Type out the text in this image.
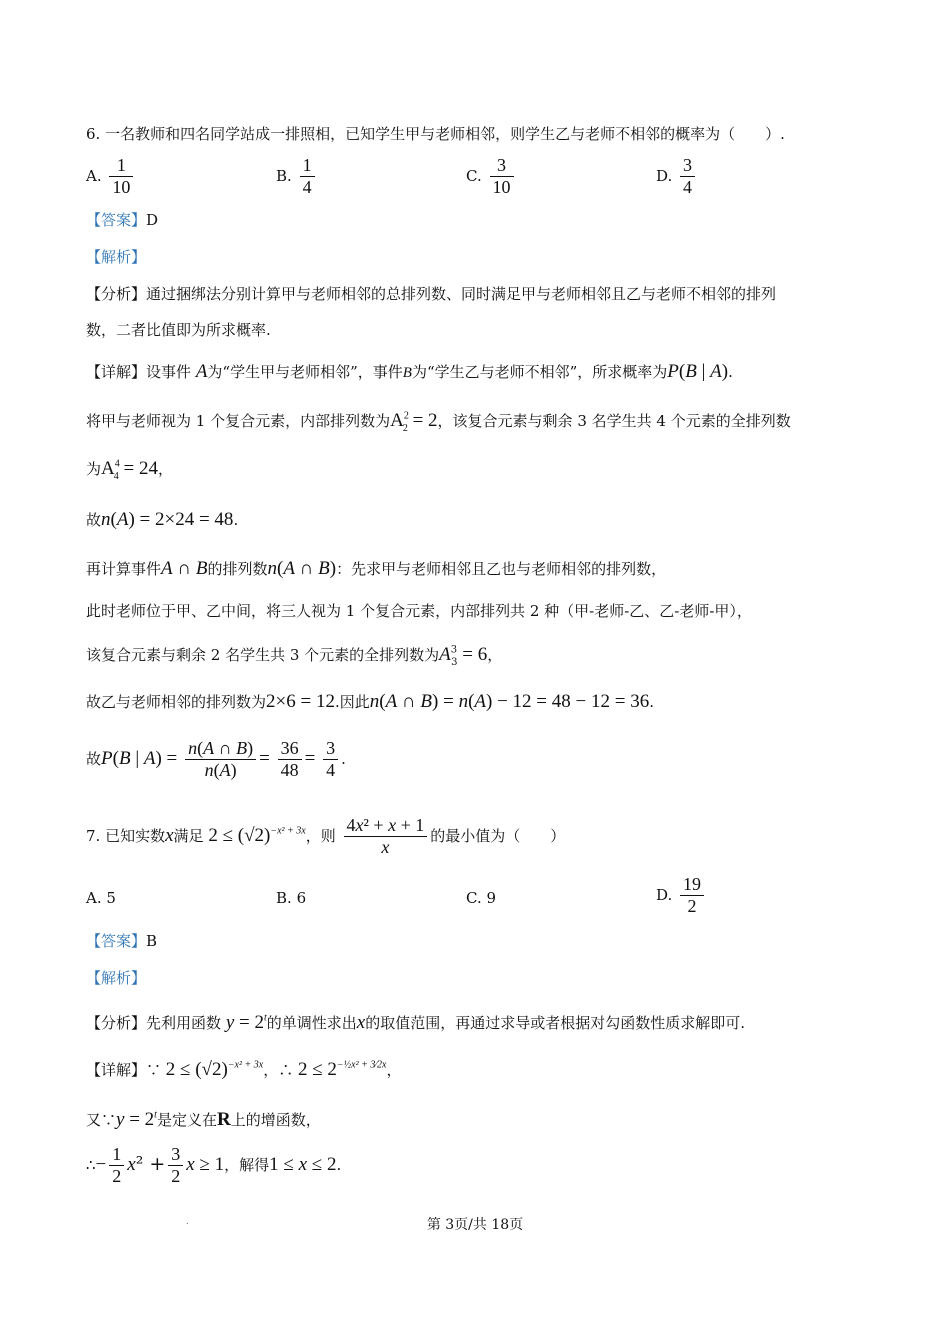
6. 一名教师和四名同学站成一排照相，已知学生甲与老师相邻，则学生乙与老师不相邻的概率为（　　）.
A. $\frac{1}{10}$	B. $\frac{1}{4}$	C. $\frac{3}{10}$	D. $\frac{3}{4}$
【答案】D
【解析】
【分析】通过捆绑法分别计算甲与老师相邻的总排列数、同时满足甲与老师相邻且乙与老师不相邻的排列
数，二者比值即为所求概率.
【详解】设事件 A为“学生甲与老师相邻”，事件B为“学生乙与老师不相邻”，所求概率为P(B | A).
将甲与老师视为 1 个复合元素，内部排列数为$A^2_2 = 2$，该复合元素与剩余 3 名学生共 4 个元素的全排列数
为$A^4_4 = 24$，
故n(A) = 2×24 = 48.
再计算事件A ∩ B的排列数n(A ∩ B)：先求甲与老师相邻且乙也与老师相邻的排列数，
此时老师位于甲、乙中间，将三人视为 1 个复合元素，内部排列共 2 种（甲-老师-乙、乙-老师-甲），
该复合元素与剩余 2 名学生共 3 个元素的全排列数为$A^3_3 = 6$，
故乙与老师相邻的排列数为2×6 = 12.因此n(A ∩ B) = n(A) − 12 = 48 − 12 = 36.
故P(B | $A) = \frac{n(A \cap B)}{n(A)} = \frac{36}{48} = \frac{3}{4}$ .
7. 已知实数x满足 $2 \le (√2)^{-x^2 + 3x}$，则 $\frac{\text{4x² + x + 1}}{x}$ 的最小值为（　　）
A. 5	B. 6	C. 9	D. $\frac{19}{2}$
【答案】B
【解析】
【分析】先利用函数 $y = 2^t$的单调性求出x的取值范围，再通过求导或者根据对勾函数性质求解即可.
【详解】∵ $2 \le (√2)^{-x^2 + 3x}$，∴ $2 \le 2^{-\frac{1}{2}x^2 + 3⁄2x}$，
又∵y = $2^t$是定义在R上的增函数，
∴− $\frac{1}{2} x^2 + \frac{3}{2}$ x ≥ 1，解得1 ≤ x ≤ 2.
.	第 3页/共 18页
